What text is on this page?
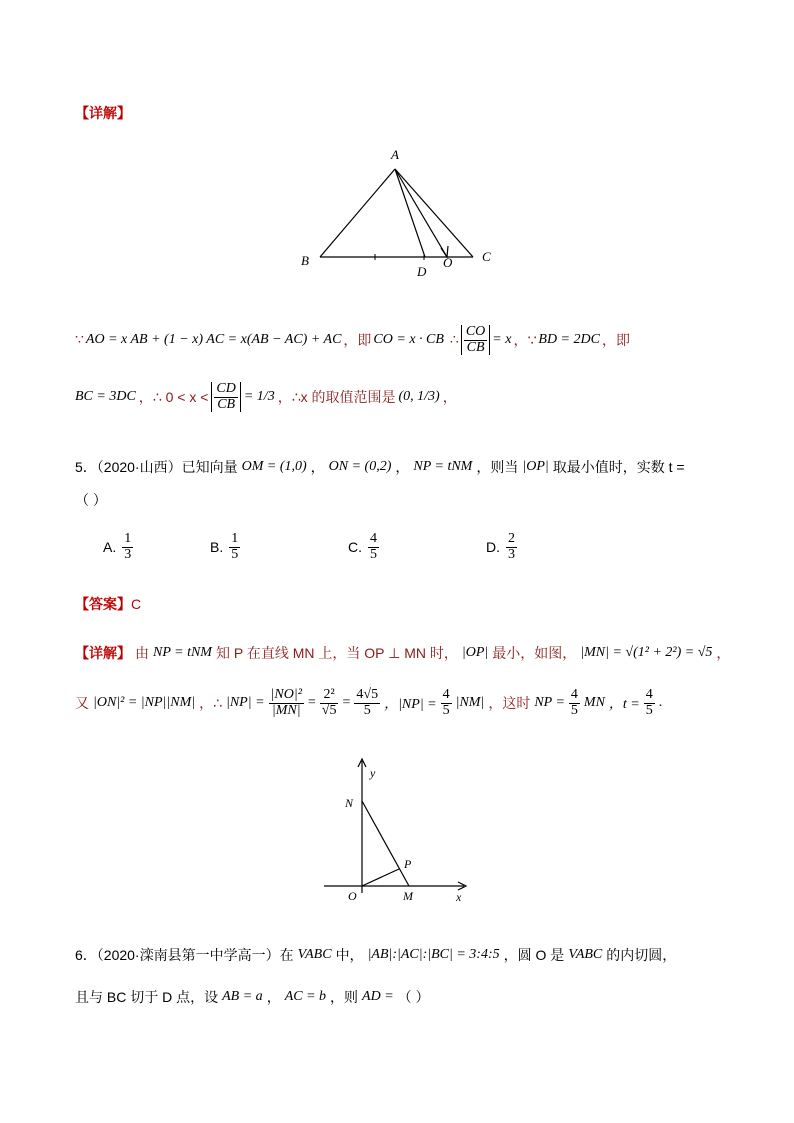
【详解】
A
B	C
D
O
∵ AO = x AB + (1 − x) AC = x(AB − AC) + AC ，即 CO = x · CB ∴ $\frac{CO}{CB} = x$ ，∵ BD = 2DC ，即
BC = 3DC ，∴ $0 < x < \frac{CD}{CB} = 1/3$ ，∴x 的取值范围是 (0, 1/3) ，
5．（2020·山西）已知向量 OM = (1,0) ， ON = (0,2) ， NP = tNM ，则当 |OP| 取最小值时，实数 t =
（ ）
A. $\frac{1}{3}$	B. $\frac{1}{5}$	C. $\frac{4}{5}$	D. $\frac{2}{3}$
【答案】C
【详解】 由 NP = tNM 知 P 在直线 MN 上，当 OP ⊥ MN 时， |OP| 最小，如图， |MN| = √(1² + 2²) = √5 ，
又 |ON|² = |NP||NM| ，∴ $|NP| = \frac{\text{|NO|²}}{|MN|} = \frac{\text{2²}}{√5} = \frac{4√5}{5}$ ，$|NP| = \frac{4}{5} |NM|$ ，这时 NP = $\frac{4}{5}$ MN ，$t = \frac{4}{5}$ .
N
P
O	M	x
y
6．（2020·滦南县第一中学高一）在 VABC 中， |AB|:|AC|:|BC| = 3:4:5 ，圆 O 是 VABC 的内切圆，
且与 BC 切于 D 点，设 AB = a ， AC = b ，则 AD = （ ）
